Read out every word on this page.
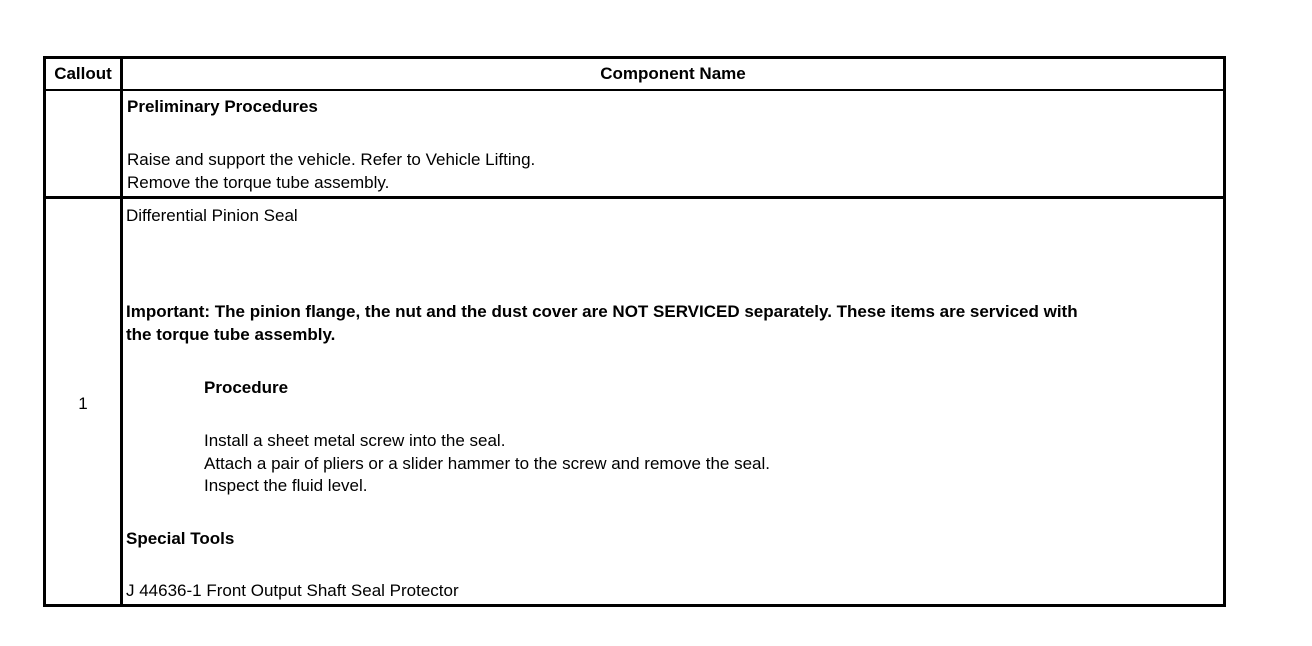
Callout	Component Name
Preliminary Procedures
Raise and support the vehicle. Refer to Vehicle Lifting.
Remove the torque tube assembly.
1
Differential Pinion Seal
Important: The pinion flange, the nut and the dust cover are NOT SERVICED separately. These items are serviced with
the torque tube assembly.
Procedure
Install a sheet metal screw into the seal.
Attach a pair of pliers or a slider hammer to the screw and remove the seal.
Inspect the fluid level.
Special Tools
J 44636-1 Front Output Shaft Seal Protector
